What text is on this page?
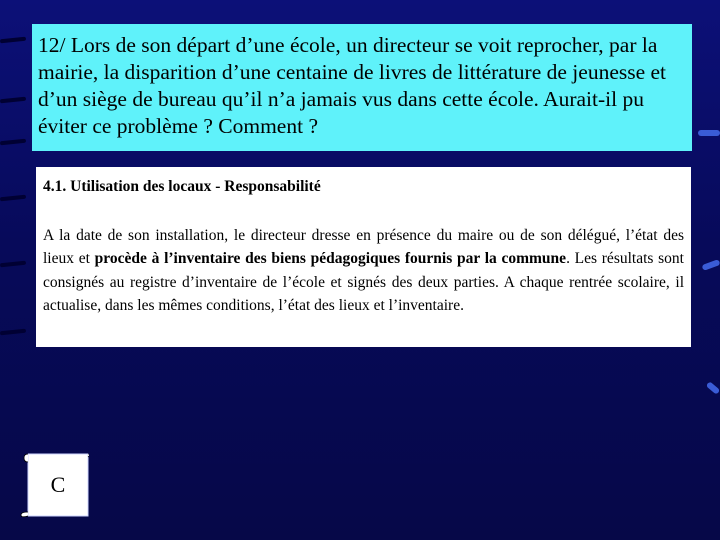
12/ Lors de son départ d’une école, un directeur se voit reprocher, par la mairie, la disparition d’une centaine de livres de littérature de jeunesse et d’un siège de bureau qu’il n’a jamais vus dans cette école. Aurait-il pu éviter ce problème ? Comment ?

4.1. Utilisation des locaux - Responsabilité

A la date de son installation, le directeur dresse en présence du maire ou de son délégué, l’état des lieux et procède à l’inventaire des biens pédagogiques fournis par la commune. Les résultats sont consignés au registre d’inventaire de l’école et signés des deux parties. A chaque rentrée scolaire, il actualise, dans les mêmes conditions, l’état des lieux et l’inventaire.

C
